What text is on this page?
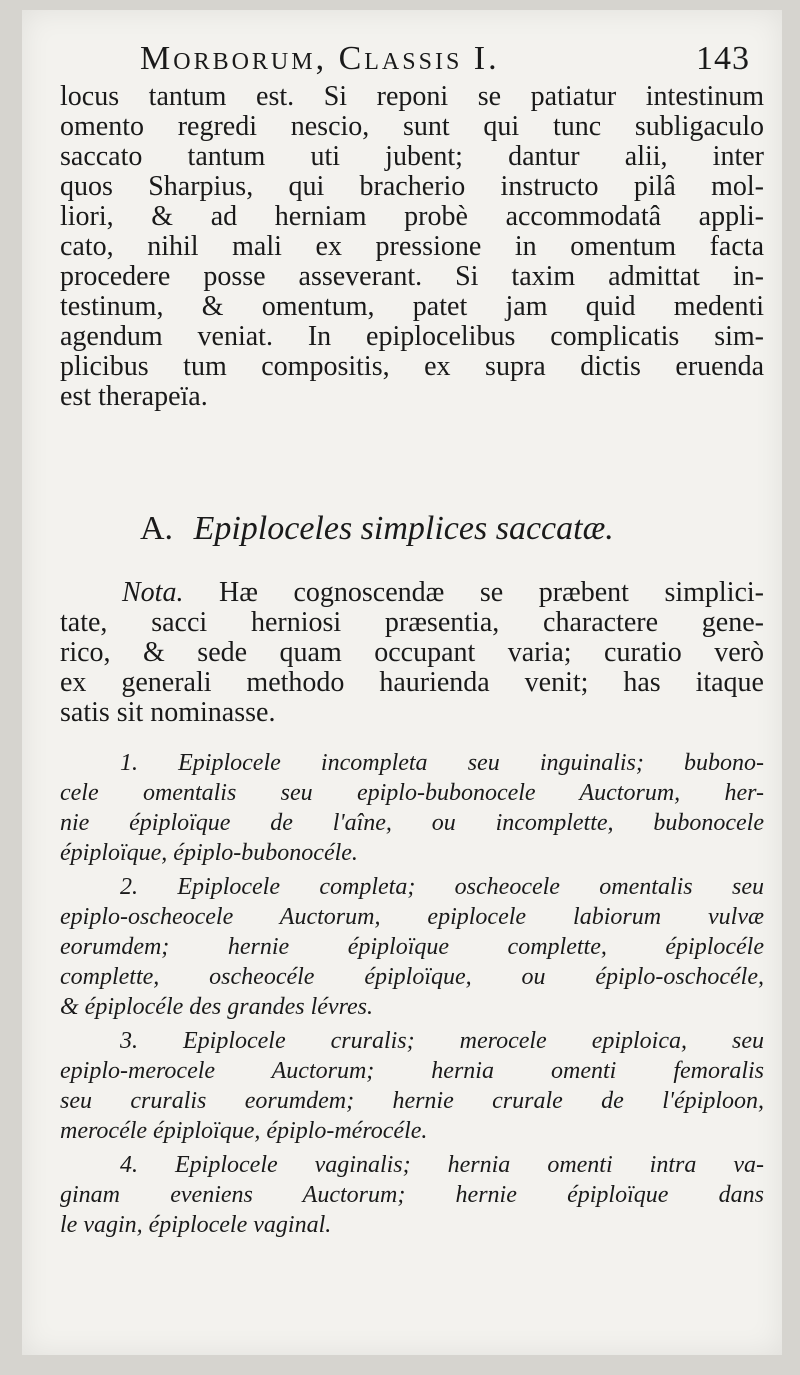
Morborum, Classis I.	143
locus tantum est. Si reponi se patiatur intestinum
omento regredi nescio, sunt qui tunc subligaculo
saccato tantum uti jubent; dantur alii, inter
quos Sharpius, qui bracherio instructo pilâ mol-
liori, & ad herniam probè accommodatâ appli-
cato, nihil mali ex pressione in omentum facta
procedere posse asseverant. Si taxim admittat in-
testinum, & omentum, patet jam quid medenti
agendum veniat. In epiplocelibus complicatis sim-
plicibus tum compositis, ex supra dictis eruenda
est therapeïa.
A. Epiploceles simplices saccatæ.
Nota. Hæ cognoscendæ se præbent simplici-
tate, sacci herniosi præsentia, charactere gene-
rico, & sede quam occupant varia; curatio verò
ex generali methodo haurienda venit; has itaque
satis sit nominasse.
1. Epiplocele incompleta seu inguinalis; bubono-
cele omentalis seu epiplo-bubonocele Auctorum, her-
nie épiploïque de l'aîne, ou incomplette, bubonocele
épiploïque, épiplo-bubonocéle.
2. Epiplocele completa; oscheocele omentalis seu
epiplo-oscheocele Auctorum, epiplocele labiorum vulvæ
eorumdem; hernie épiploïque complette, épiplocéle
complette, oscheocéle épiploïque, ou épiplo-oschocéle,
& épiplocéle des grandes lévres.
3. Epiplocele cruralis; merocele epiploica, seu
epiplo-merocele Auctorum; hernia omenti femoralis
seu cruralis eorumdem; hernie crurale de l'épiploon,
merocéle épiploïque, épiplo-mérocéle.
4. Epiplocele vaginalis; hernia omenti intra va-
ginam eveniens Auctorum; hernie épiploïque dans
le vagin, épiplocele vaginal.
